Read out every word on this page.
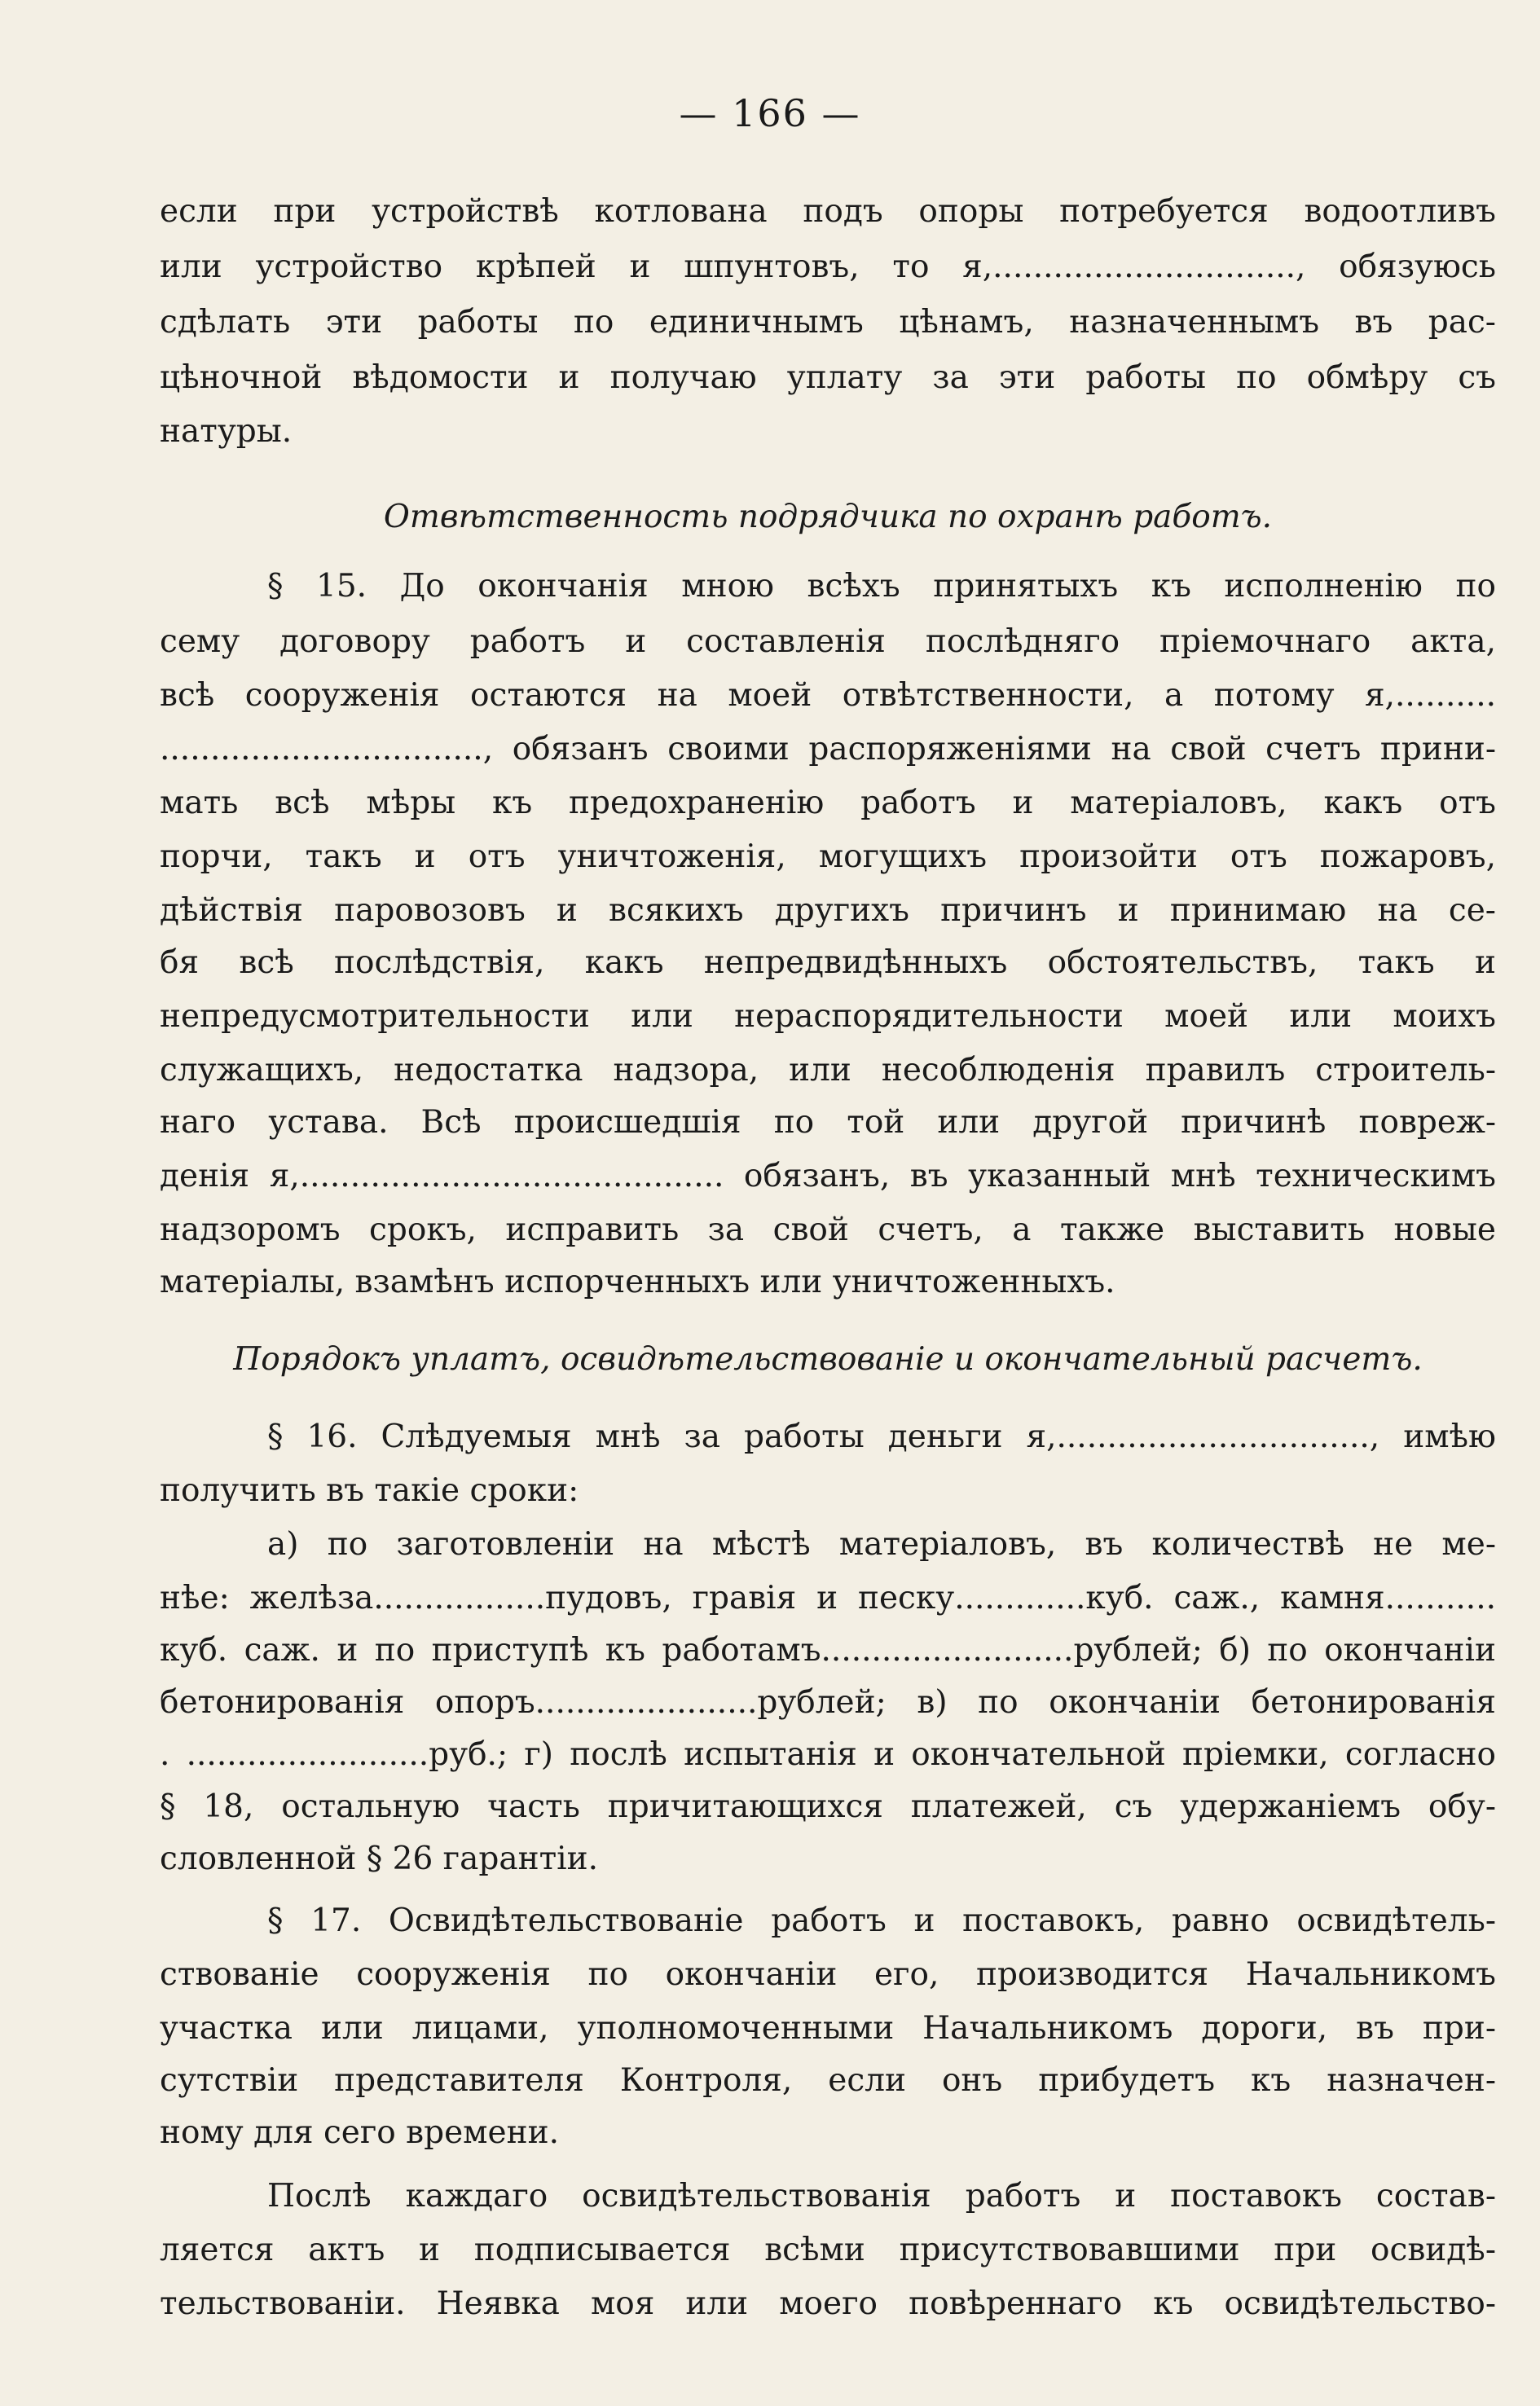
— 166 —
если при устройствѣ котлована подъ опоры потребуется водоотливъ
или устройство крѣпей и шпунтовъ, то я,.............................., обязуюсь
сдѣлать эти работы по единичнымъ цѣнамъ, назначеннымъ въ рас-
цѣночной вѣдомости и получаю уплату за эти работы по обмѣру съ
натуры.
Отвѣтственность подрядчика по охранѣ работъ.
§ 15. До окончанія мною всѣхъ принятыхъ къ исполненію по
сему договору работъ и составленія послѣдняго пріемочнаго акта,
всѣ сооруженія остаются на моей отвѣтственности, а потому я,..........
................................, обязанъ своими распоряженіями на свой счетъ прини-
мать всѣ мѣры къ предохраненію работъ и матеріаловъ, какъ отъ
порчи, такъ и отъ уничтоженія, могущихъ произойти отъ пожаровъ,
дѣйствія паровозовъ и всякихъ другихъ причинъ и принимаю на се-
бя всѣ послѣдствія, какъ непредвидѣнныхъ обстоятельствъ, такъ и
непредусмотрительности или нераспорядительности моей или моихъ
служащихъ, недостатка надзора, или несоблюденія правилъ строитель-
наго устава. Всѣ происшедшія по той или другой причинѣ повреж-
денія я,.......................................... обязанъ, въ указанный мнѣ техническимъ
надзоромъ срокъ, исправить за свой счетъ, а также выставить новые
матеріалы, взамѣнъ испорченныхъ или уничтоженныхъ.
Порядокъ уплатъ, освидѣтельствованіе и окончательный расчетъ.
§ 16. Слѣдуемыя мнѣ за работы деньги я,..............................., имѣю
получить въ такіе сроки:
а) по заготовленіи на мѣстѣ матеріаловъ, въ количествѣ не ме-
нѣе: желѣза.................пудовъ, гравія и песку.............куб. саж., камня...........
куб. саж. и по приступѣ къ работамъ.........................рублей; б) по окончаніи
бетонированія опоръ......................рублей; в) по окончаніи бетонированія
. ........................руб.; г) послѣ испытанія и окончательной пріемки, согласно
§ 18, остальную часть причитающихся платежей, съ удержаніемъ обу-
словленной § 26 гарантіи.
§ 17. Освидѣтельствованіе работъ и поставокъ, равно освидѣтель-
ствованіе сооруженія по окончаніи его, производится Начальникомъ
участка или лицами, уполномоченными Начальникомъ дороги, въ при-
сутствіи представителя Контроля, если онъ прибудетъ къ назначен-
ному для сего времени.
Послѣ каждаго освидѣтельствованія работъ и поставокъ состав-
ляется актъ и подписывается всѣми присутствовавшими при освидѣ-
тельствованіи. Неявка моя или моего повѣреннаго къ освидѣтельство-
